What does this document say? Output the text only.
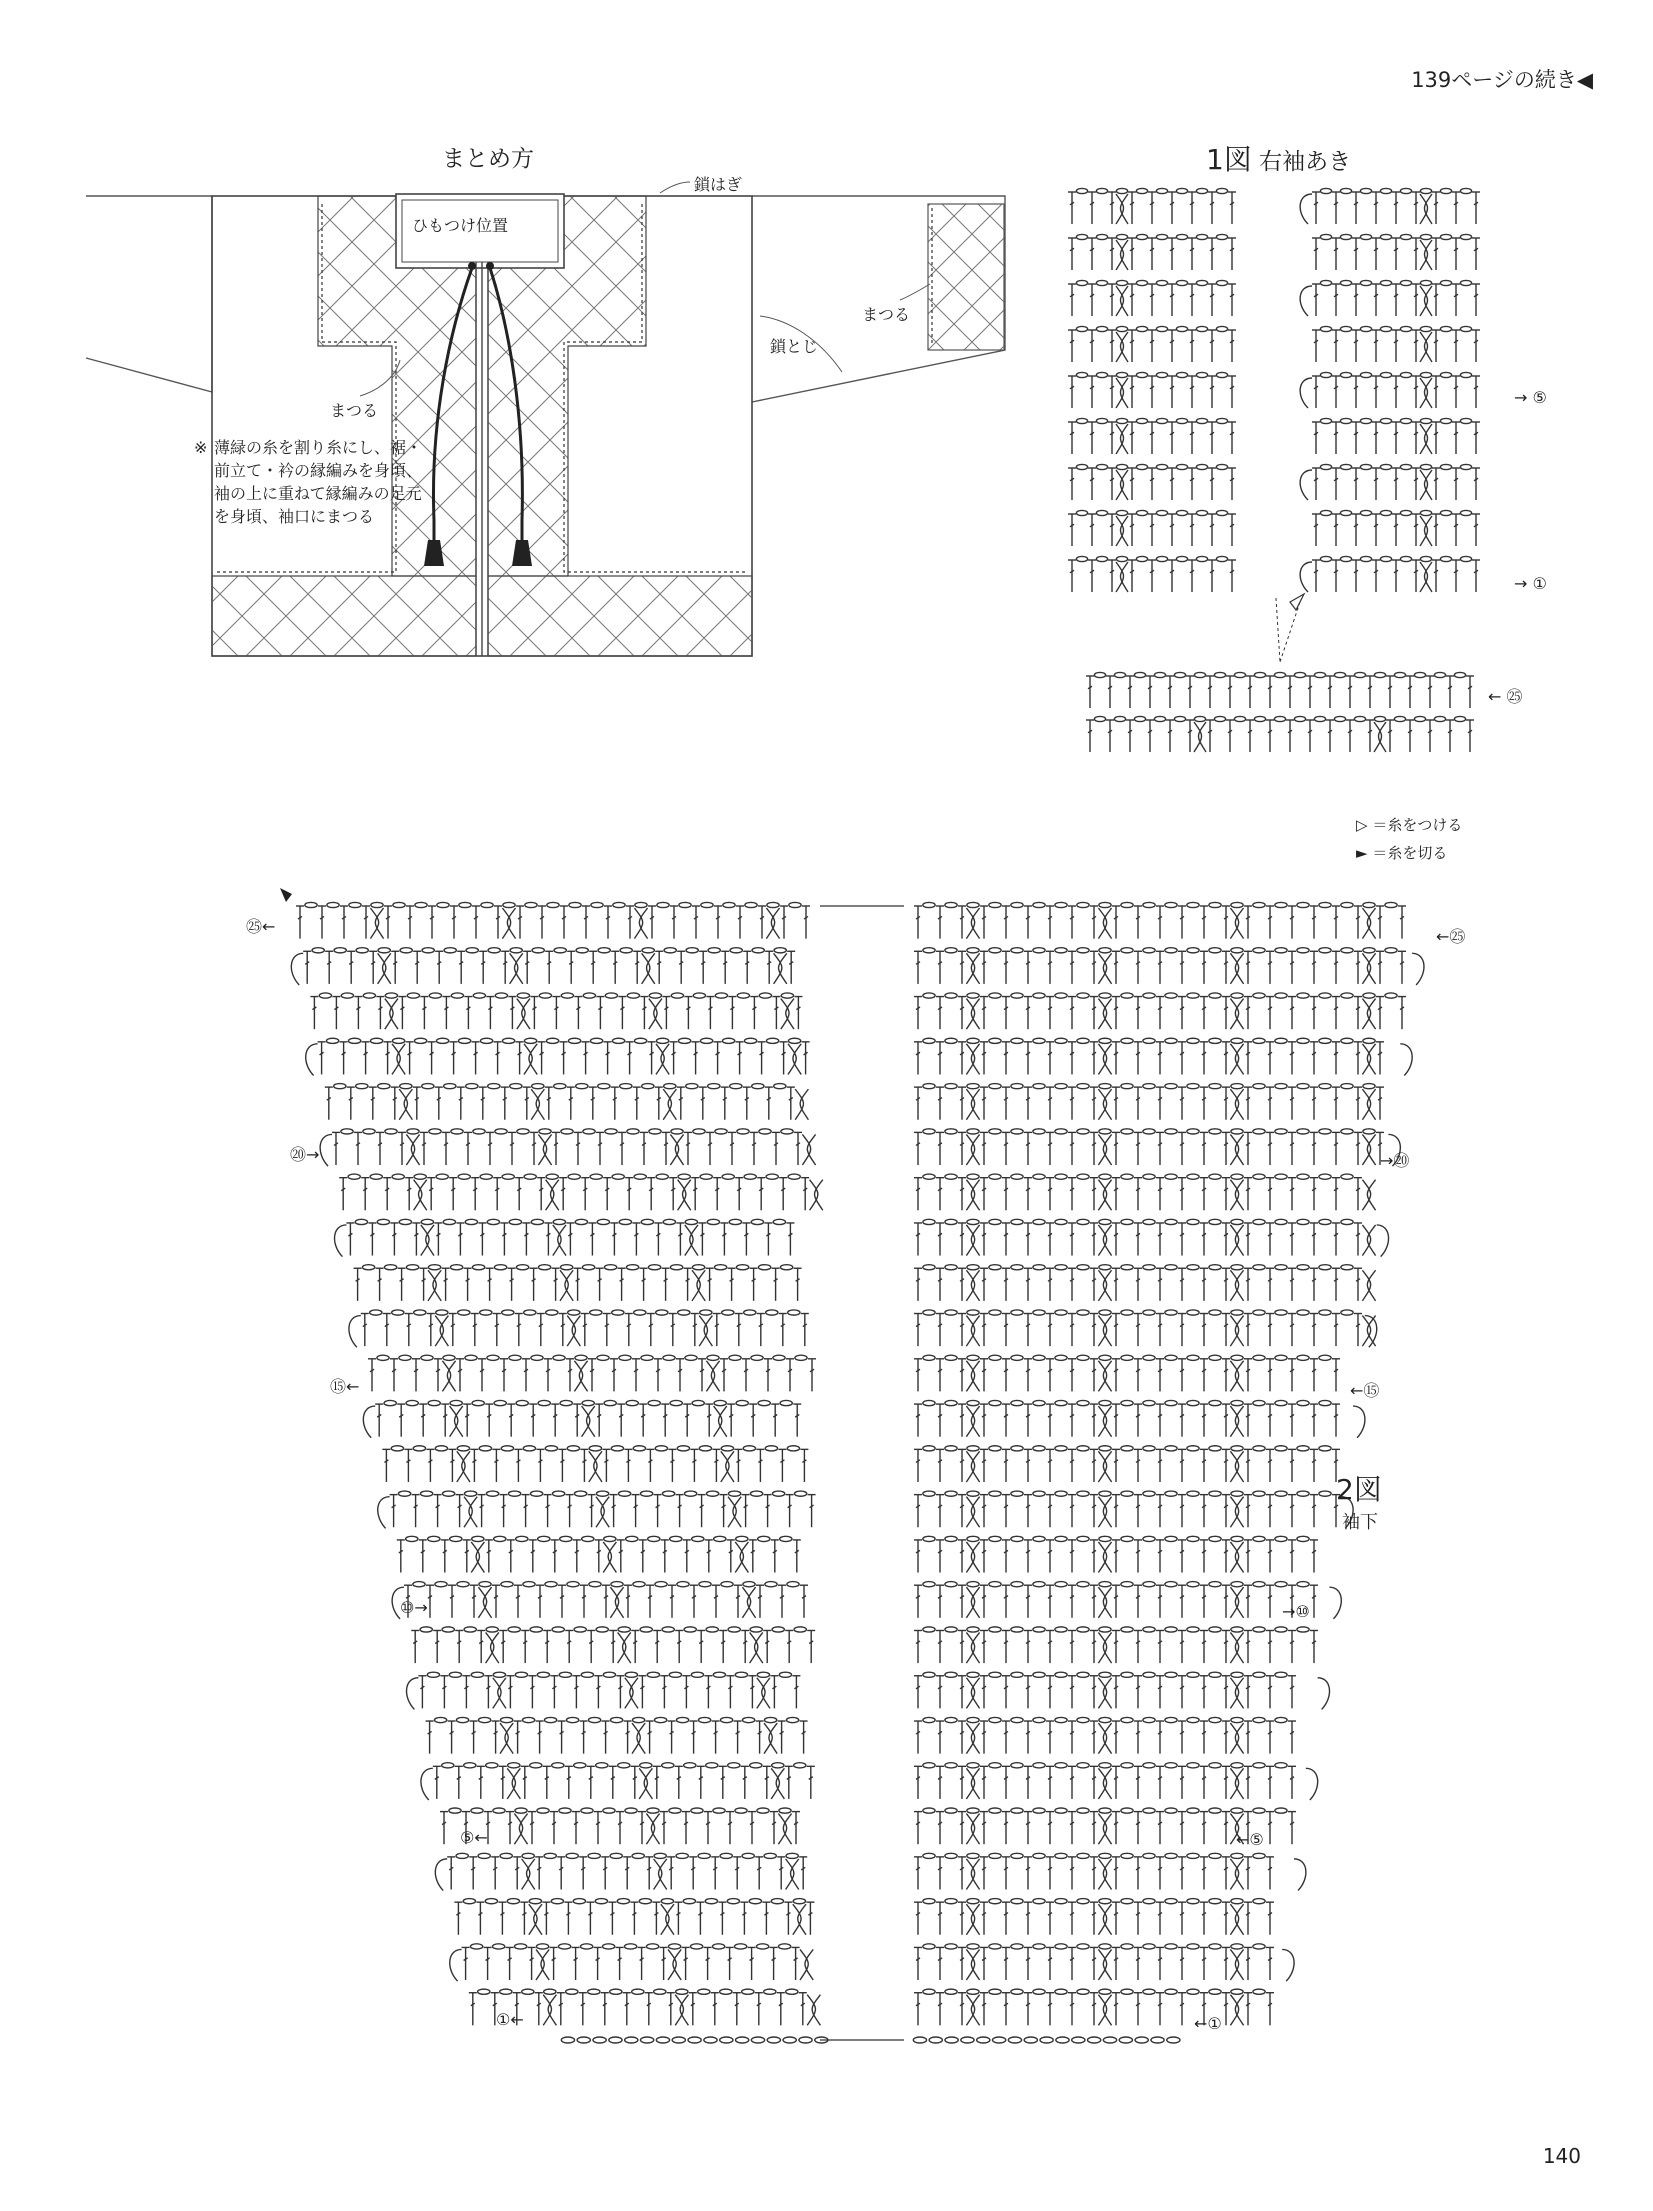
139ページの続き◀
まとめ方
鎖はぎ
ひもつけ位置
まつる
鎖とじ
まつる
※ 薄緑の糸を割り糸にし、裾・前立て・衿の縁編みを身頃、袖の上に重ねて縁編みの足元を身頃、袖口にまつる
1図 右袖あき
→ ⑤
→ ①
← ㉕
▷ ＝糸をつける
► ＝糸を切る
2図
袖下
㉕←
⑳→
⑮←
⑩→
⑤←
①←
←㉕
→⑳
←⑮
→⑩
←⑤
←①
140
